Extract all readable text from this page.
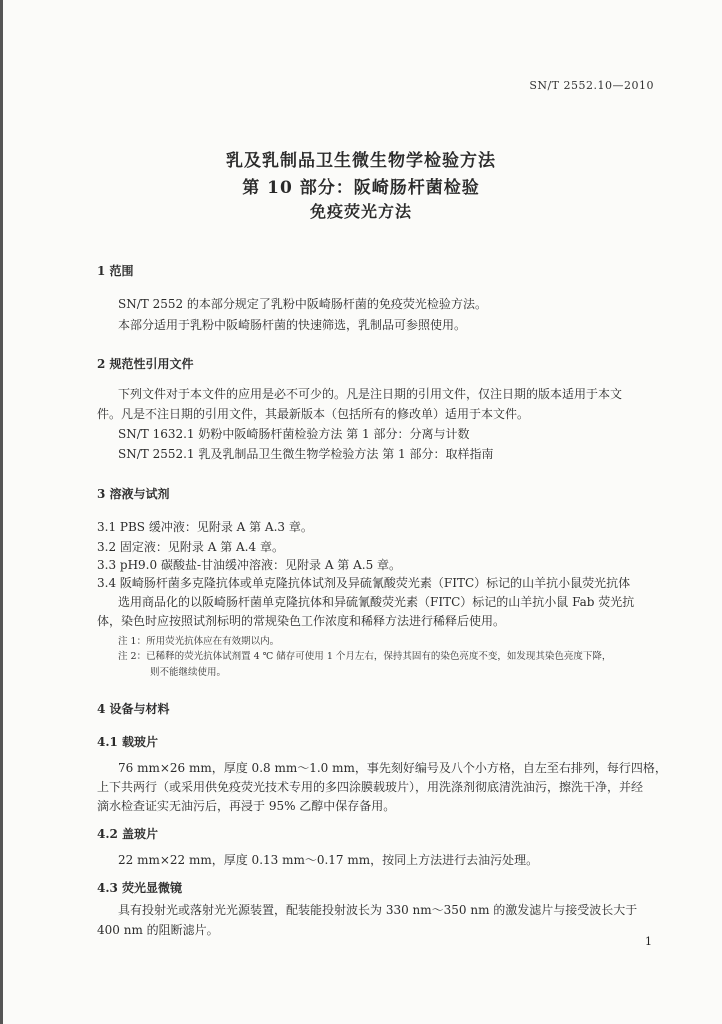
SN/T 2552.10—2010
乳及乳制品卫生微生物学检验方法
第 10 部分：阪崎肠杆菌检验
免疫荧光方法
1 范围
SN/T 2552 的本部分规定了乳粉中阪崎肠杆菌的免疫荧光检验方法。
本部分适用于乳粉中阪崎肠杆菌的快速筛选，乳制品可参照使用。
2 规范性引用文件
下列文件对于本文件的应用是必不可少的。凡是注日期的引用文件，仅注日期的版本适用于本文
件。凡是不注日期的引用文件，其最新版本（包括所有的修改单）适用于本文件。
SN/T 1632.1 奶粉中阪崎肠杆菌检验方法 第 1 部分：分离与计数
SN/T 2552.1 乳及乳制品卫生微生物学检验方法 第 1 部分：取样指南
3 溶液与试剂
3.1 PBS 缓冲液：见附录 A 第 A.3 章。
3.2 固定液：见附录 A 第 A.4 章。
3.3 pH9.0 碳酸盐-甘油缓冲溶液：见附录 A 第 A.5 章。
3.4 阪崎肠杆菌多克隆抗体或单克隆抗体试剂及异硫氰酸荧光素（FITC）标记的山羊抗小鼠荧光抗体
选用商品化的以阪崎肠杆菌单克隆抗体和异硫氰酸荧光素（FITC）标记的山羊抗小鼠 Fab 荧光抗
体，染色时应按照试剂标明的常规染色工作浓度和稀释方法进行稀释后使用。
注 1：所用荧光抗体应在有效期以内。
注 2：已稀释的荧光抗体试剂置 4 ℃ 储存可使用 1 个月左右，保持其固有的染色亮度不变，如发现其染色亮度下降，
则不能继续使用。
4 设备与材料
4.1 载玻片
76 mm×26 mm，厚度 0.8 mm～1.0 mm，事先刻好编号及八个小方格，自左至右排列，每行四格，
上下共两行（或采用供免疫荧光技术专用的多四涂膜载玻片），用洗涤剂彻底清洗油污，擦洗干净，并经
滴水检查证实无油污后，再浸于 95% 乙醇中保存备用。
4.2 盖玻片
22 mm×22 mm，厚度 0.13 mm～0.17 mm，按同上方法进行去油污处理。
4.3 荧光显微镜
具有投射光或落射光光源装置，配装能投射波长为 330 nm～350 nm 的激发滤片与接受波长大于
400 nm 的阻断滤片。
1
